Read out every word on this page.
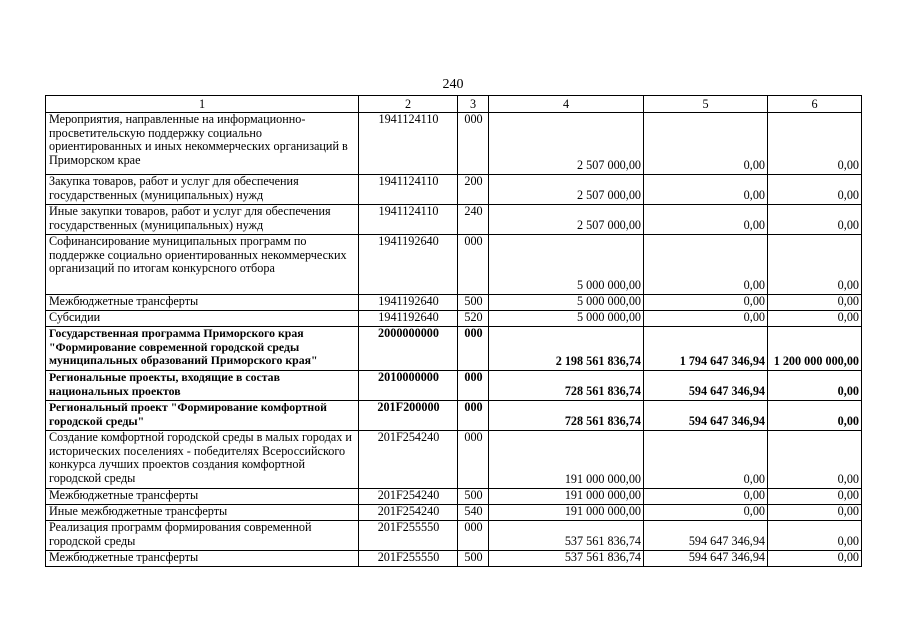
240
1	2	3	4	5	6
Мероприятия, направленные на информационно-просветительскую поддержку социально ориентированных и иных некоммерческих организаций в Приморском крае	1941124110	000	2 507 000,00	0,00	0,00
Закупка товаров, работ и услуг для обеспечения государственных (муниципальных) нужд	1941124110	200	2 507 000,00	0,00	0,00
Иные закупки товаров, работ и услуг для обеспечения государственных (муниципальных) нужд	1941124110	240	2 507 000,00	0,00	0,00
Софинансирование муниципальных программ по поддержке социально ориентированных некоммерческих организаций по итогам конкурсного отбора	1941192640	000	5 000 000,00	0,00	0,00
Межбюджетные трансферты	1941192640	500	5 000 000,00	0,00	0,00
Субсидии	1941192640	520	5 000 000,00	0,00	0,00
Государственная программа Приморского края "Формирование современной городской среды муниципальных образований Приморского края"	2000000000	000	2 198 561 836,74	1 794 647 346,94	1 200 000 000,00
Региональные проекты, входящие в состав национальных проектов	2010000000	000	728 561 836,74	594 647 346,94	0,00
Региональный проект "Формирование комфортной городской среды"	201F200000	000	728 561 836,74	594 647 346,94	0,00
Создание комфортной городской среды в малых городах и исторических поселениях - победителях Всероссийского конкурса лучших проектов создания комфортной городской среды	201F254240	000	191 000 000,00	0,00	0,00
Межбюджетные трансферты	201F254240	500	191 000 000,00	0,00	0,00
Иные межбюджетные трансферты	201F254240	540	191 000 000,00	0,00	0,00
Реализация программ формирования современной городской среды	201F255550	000	537 561 836,74	594 647 346,94	0,00
Межбюджетные трансферты	201F255550	500	537 561 836,74	594 647 346,94	0,00
